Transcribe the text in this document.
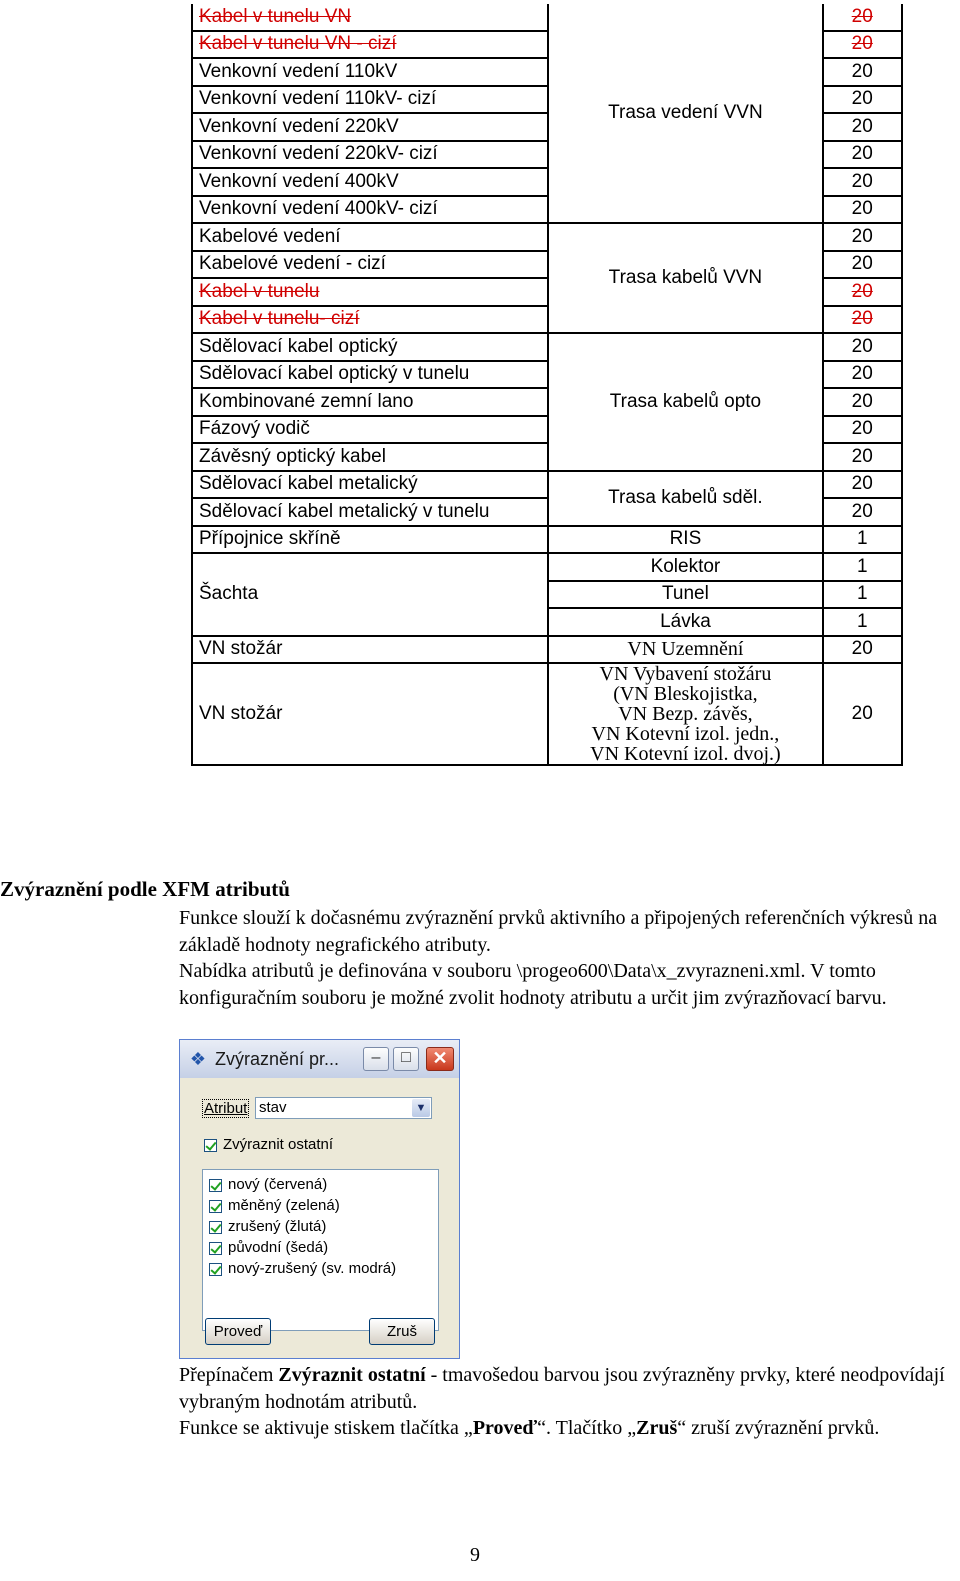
Kabel v tunelu VN	Trasa vedení VVN	20
Kabel v tunelu VN - cizí		20
Venkovní vedení 110kV		20
Venkovní vedení 110kV- cizí		20
Venkovní vedení 220kV		20
Venkovní vedení 220kV- cizí		20
Venkovní vedení 400kV		20
Venkovní vedení 400kV- cizí		20
Kabelové vedení	Trasa kabelů VVN	20
Kabelové vedení - cizí		20
Kabel v tunelu		20
Kabel v tunelu- cizí		20
Sdělovací kabel optický	Trasa kabelů opto	20
Sdělovací kabel optický v tunelu		20
Kombinované zemní lano		20
Fázový vodič		20
Závěsný optický kabel		20
Sdělovací kabel metalický	Trasa kabelů sděl.	20
Sdělovací kabel metalický v tunelu		20
Přípojnice skříně	RIS	1
Šachta	Kolektor	1
	Tunel	1
	Lávka	1
VN stožár	VN Uzemnění	20
VN stožár	VN Vybavení stožáru
(VN Bleskojistka,
VN Bezp. závěs,
VN Kotevní izol. jedn.,
VN Kotevní izol. dvoj.)	20
Zvýraznění podle XFM atributů
Funkce slouží k dočasnému zvýraznění prvků aktivního a připojených referenčních výkresů na základě hodnoty negrafického atributy.
Nabídka atributů je definována v souboru \progeo600\Data\x_zvyrazneni.xml. V tomto konfiguračním souboru je možné zvolit hodnoty atributu a určit jim zvýrazňovací barvu.
❖ Zvýraznění pr...	–	□	✕
Atribut stav	▼
Zvýraznit ostatní
nový (červená)
měněný (zelená)
zrušený (žlutá)
původní (šedá)
nový-zrušený (sv. modrá)
Proveď	Zruš
Přepínačem Zvýraznit ostatní - tmavošedou barvou jsou zvýrazněny prvky, které neodpovídají vybraným hodnotám atributů.
Funkce se aktivuje stiskem tlačítka „Proveď“. Tlačítko „Zruš“ zruší zvýraznění prvků.
9
